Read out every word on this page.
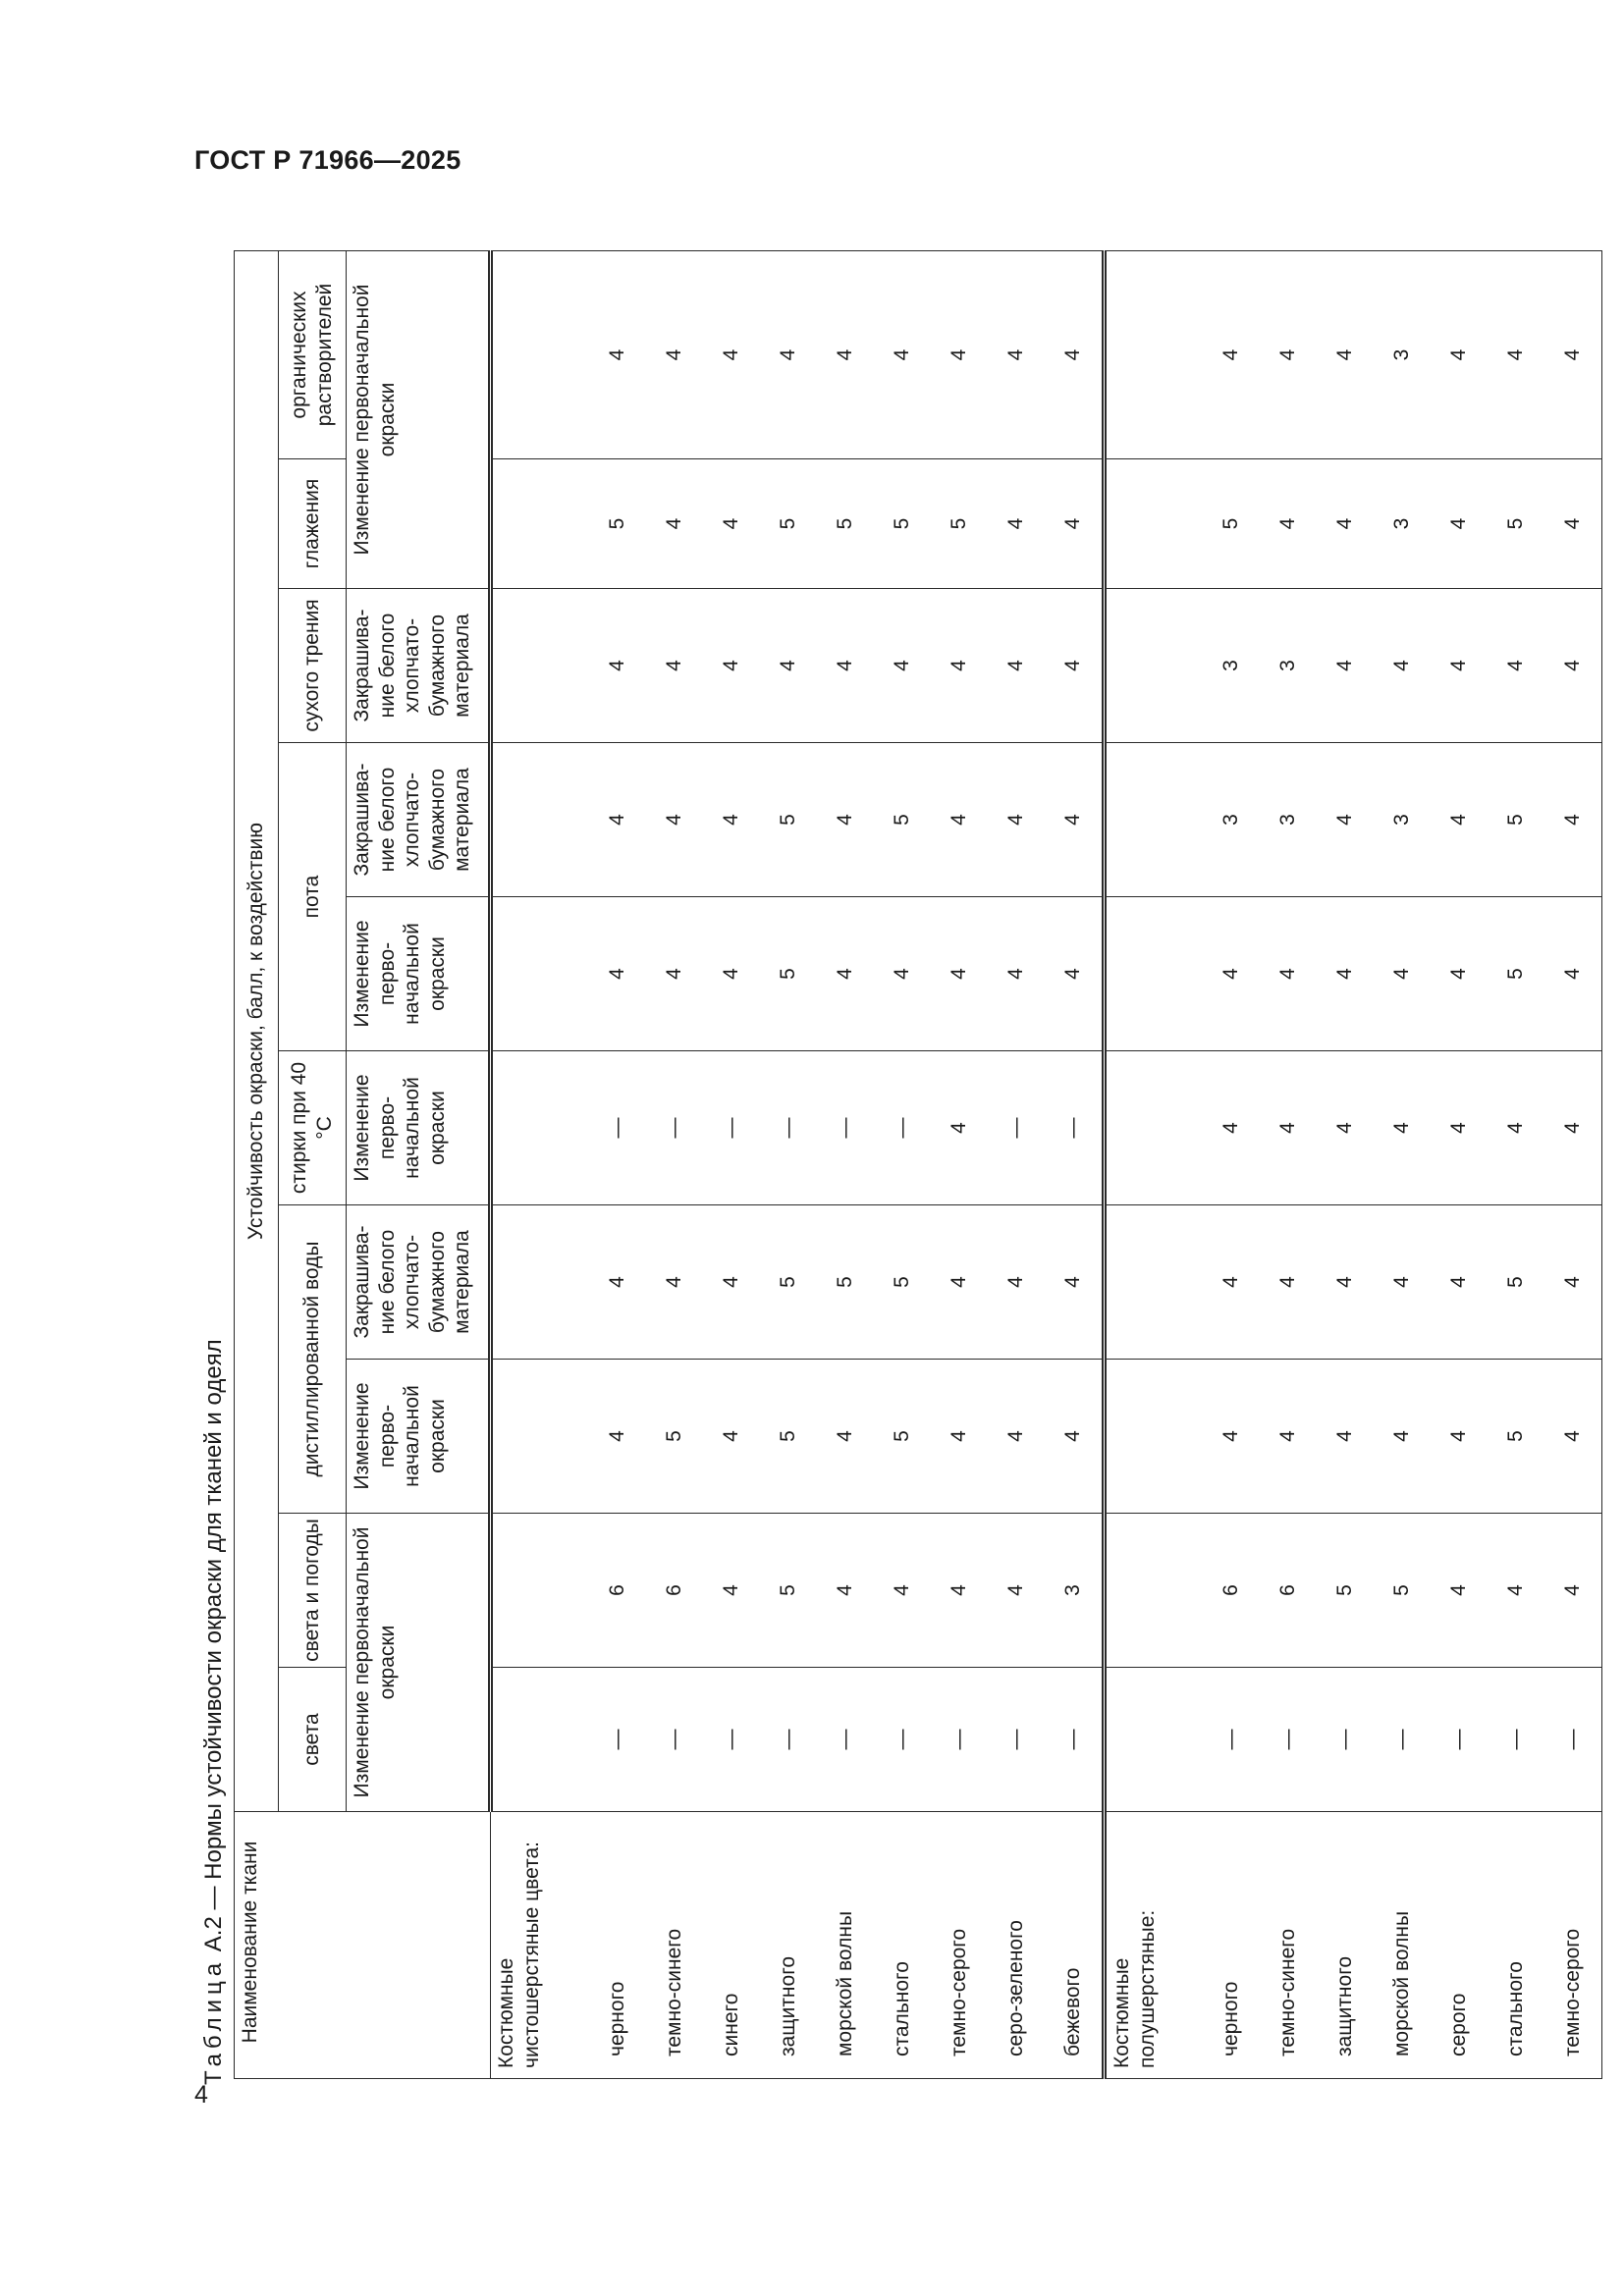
ГОСТ Р 71966—2025
Таблица А.2 — Нормы устойчивости окраски для тканей и одеял Наименование ткани	Устойчивость окраски, балл, к воздействию									
	света	света и погоды	дистиллированной воды		стирки при 40 °С	пота		сухого трения	глажения	органических растворителей
	Изменение первоначальной окраски		Изменение перво-начальной окраски	Закрашива-ние белого хлопчато-бумажного материала	Изменение перво-начальной окраски	Изменение перво-начальной окраски	Закрашива-ние белого хлопчато-бумажного материала	Закрашива-ние белого хлопчато-бумажного материала	Изменение первоначальной окраски	
Костюмные чистошерстяные цвета:										
черного	—	6	4	4	—	4	4	4	5	4
темно-синего	—	6	5	4	—	4	4	4	4	4
синего	—	4	4	4	—	4	4	4	4	4
защитного	—	5	5	5	—	5	5	4	5	4
морской волны	—	4	4	5	—	4	4	4	5	4
стального	—	4	5	5	—	4	5	4	5	4
темно-серого	—	4	4	4	4	4	4	4	5	4
серо-зеленого	—	4	4	4	—	4	4	4	4	4
бежевого	—	3	4	4	—	4	4	4	4	4
Костюмные полушерстяные:										
черного	—	6	4	4	4	4	3	3	5	4
темно-синего	—	6	4	4	4	4	3	3	4	4
защитного	—	5	4	4	4	4	4	4	4	4
морской волны	—	5	4	4	4	4	3	4	3	3
серого	—	4	4	4	4	4	4	4	4	4
стального	—	4	5	5	4	5	5	4	5	4
темно-серого	—	4	4	4	4	4	4	4	4	4
4
